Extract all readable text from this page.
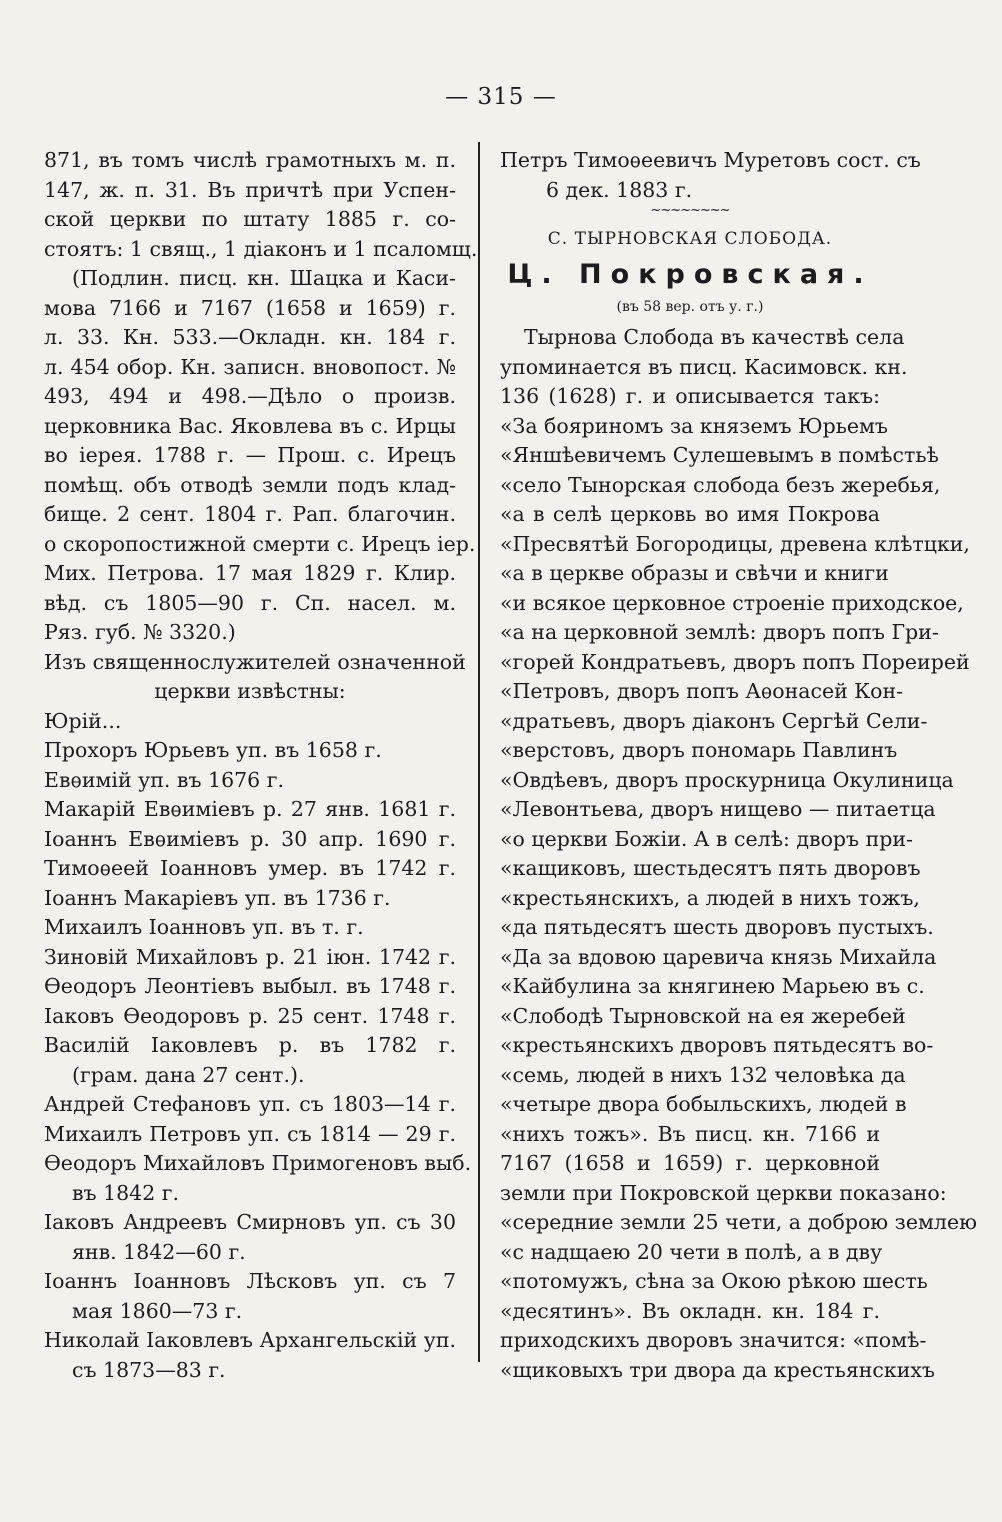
— 315 —
871, въ томъ числѣ грамотныхъ м. п.
147, ж. п. 31. Въ причтѣ при Успен-
ской церкви по штату 1885 г. со-
стоятъ: 1 свящ., 1 діаконъ и 1 псаломщ.
(Подлин. писц. кн. Шацка и Каси-
мова 7166 и 7167 (1658 и 1659) г.
л. 33. Кн. 533.—Окладн. кн. 184 г.
л. 454 обор. Кн. записн. вновопост. №
493, 494 и 498.—Дѣло о произв.
церковника Вас. Яковлева въ с. Ирцы
во іерея. 1788 г. — Прош. с. Ирецъ
помѣщ. объ отводѣ земли подъ клад-
бище. 2 сент. 1804 г. Рап. благочин.
о скоропостижной смерти с. Ирецъ іер.
Мих. Петрова. 17 мая 1829 г. Клир.
вѣд. съ 1805—90 г. Сп. насел. м.
Ряз. губ. № 3320.)
Изъ священнослужителей означенной
церкви извѣстны:
Юрій...
Прохоръ Юрьевъ уп. въ 1658 г.
Евѳимій уп. въ 1676 г.
Макарій Евѳиміевъ р. 27 янв. 1681 г.
Іоаннъ Евѳиміевъ р. 30 апр. 1690 г.
Тимоѳеей Іоанновъ умер. въ 1742 г.
Іоаннъ Макаріевъ уп. въ 1736 г.
Михаилъ Іоанновъ уп. въ т. г.
Зиновій Михайловъ р. 21 іюн. 1742 г.
Ѳеодоръ Леонтіевъ выбыл. въ 1748 г.
Іаковъ Ѳеодоровъ р. 25 сент. 1748 г.
Василій Іаковлевъ р. въ 1782 г.
(грам. дана 27 сент.).
Андрей Стефановъ уп. съ 1803—14 г.
Михаилъ Петровъ уп. съ 1814 — 29 г.
Ѳеодоръ Михайловъ Примогеновъ выб.
въ 1842 г.
Іаковъ Андреевъ Смирновъ уп. съ 30
янв. 1842—60 г.
Іоаннъ Іоанновъ Лѣсковъ уп. съ 7
мая 1860—73 г.
Николай Іаковлевъ Архангельскій уп.
съ 1873—83 г.
Петръ Тимоѳеевичъ Муретовъ сост. съ
6 дек. 1883 г.
~~~~~~~~
С. ТЫРНОВСКАЯ СЛОБОДА.
Ц. Покровская.
(въ 58 вер. отъ у. г.)
Тырнова Слобода въ качествѣ села
упоминается въ писц. Касимовск. кн.
136 (1628) г. и описывается такъ:
«За бояриномъ за княземъ Юрьемъ
«Яншѣевичемъ Сулешевымъ в помѣстьѣ
«село Тынорская слобода безъ жеребья,
«а в селѣ церковь во имя Покрова
«Пресвятѣй Богородицы, древена клѣтцки,
«а в церкве образы и свѣчи и книги
«и всякое церковное строеніе приходское,
«а на церковной землѣ: дворъ попъ Гри-
«горей Кондратьевъ, дворъ попъ Пореирей
«Петровъ, дворъ попъ Аѳонасей Кон-
«дратьевъ, дворъ діаконъ Сергѣй Сели-
«верстовъ, дворъ пономарь Павлинъ
«Овдѣевъ, дворъ проскурница Окулиница
«Левонтьева, дворъ нищево — питаетца
«о церкви Божіи. А в селѣ: дворъ при-
«кащиковъ, шестьдесятъ пять дворовъ
«крестьянскихъ, а людей в нихъ тожъ,
«да пятьдесятъ шесть дворовъ пустыхъ.
«Да за вдовою царевича князь Михайла
«Кайбулина за княгинею Марьею въ с.
«Слободѣ Тырновской на ея жеребей
«крестьянскихъ дворовъ пятьдесятъ во-
«семь, людей в нихъ 132 человѣка да
«четыре двора бобыльскихъ, людей в
«нихъ тожъ». Въ писц. кн. 7166 и
7167 (1658 и 1659) г. церковной
земли при Покровской церкви показано:
«середние земли 25 чети, а доброю землею
«с надщаею 20 чети в полѣ, а в дву
«потомужъ, сѣна за Окою рѣкою шесть
«десятинъ». Въ окладн. кн. 184 г.
приходскихъ дворовъ значится: «помѣ-
«щиковыхъ три двора да крестьянскихъ
